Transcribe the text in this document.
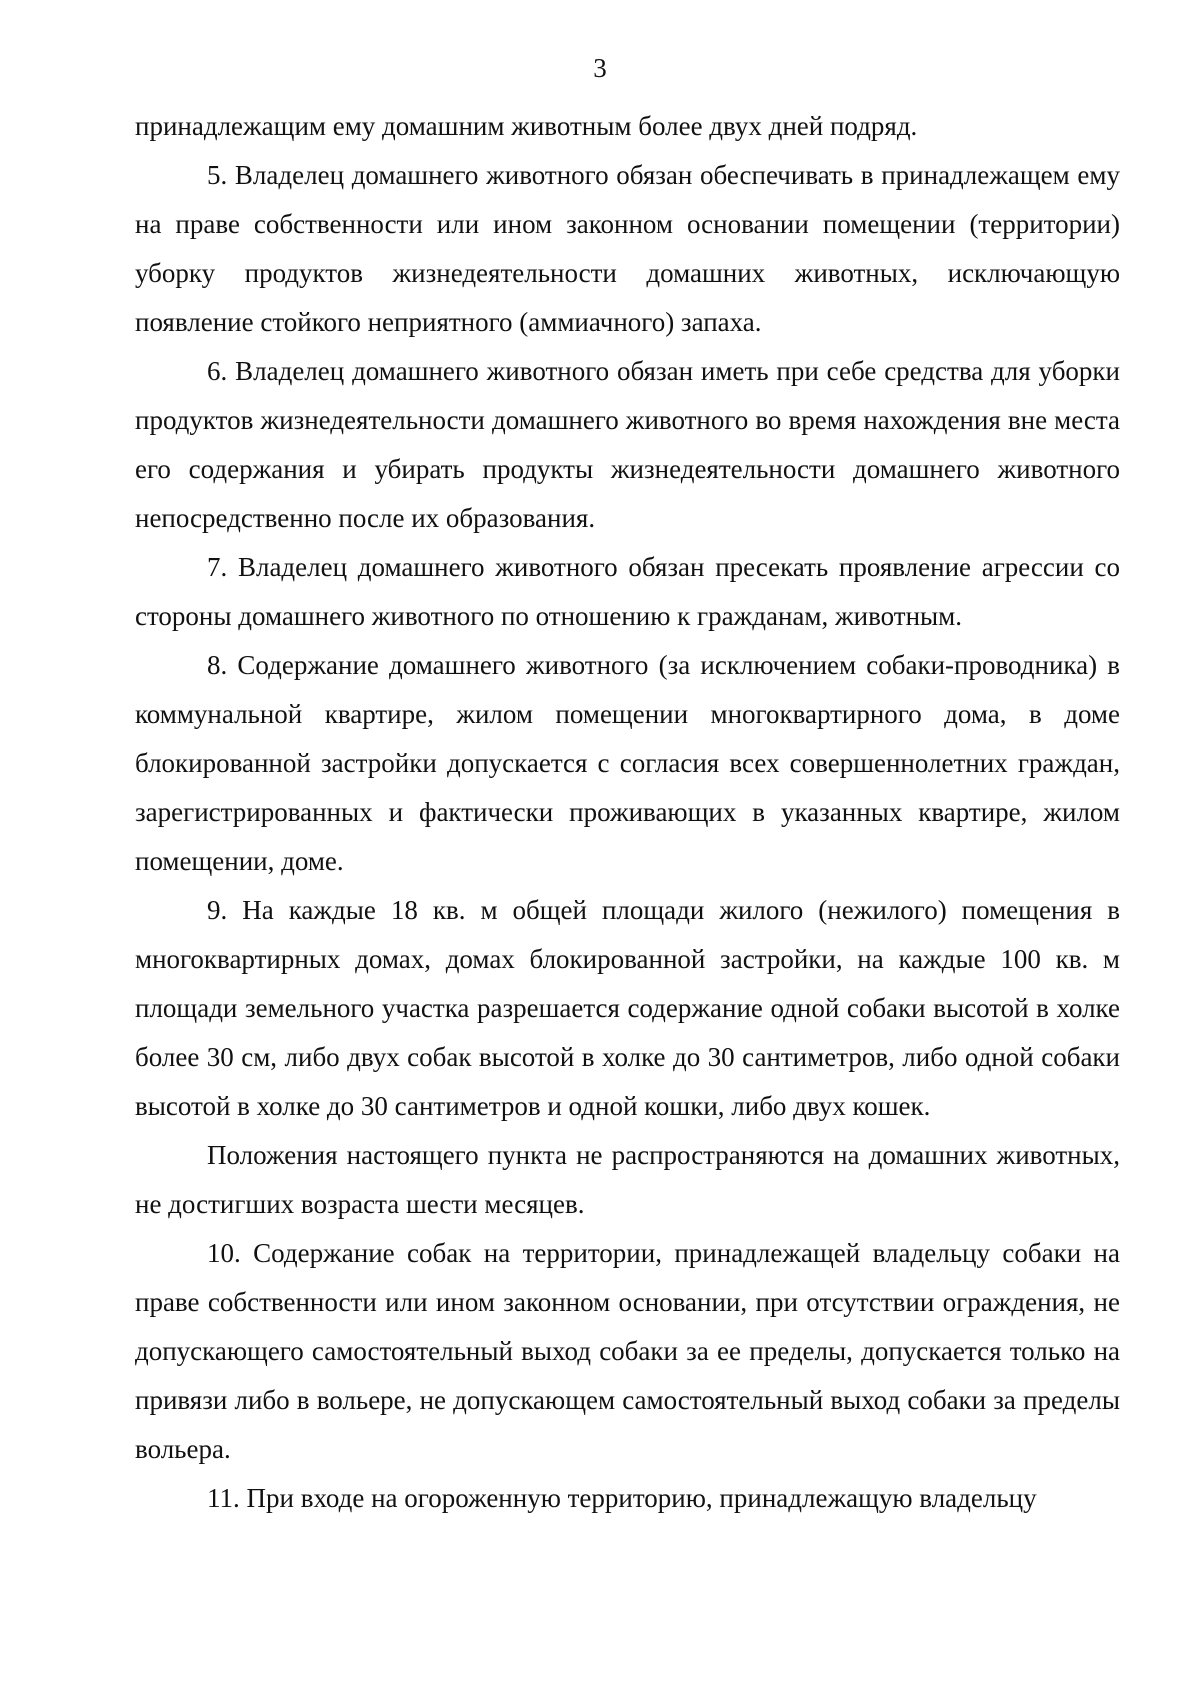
3

принадлежащим ему домашним животным более двух дней подряд.

5. Владелец домашнего животного обязан обеспечивать в принадлежащем ему на праве собственности или ином законном основании помещении (территории) уборку продуктов жизнедеятельности домашних животных, исключающую появление стойкого неприятного (аммиачного) запаха.

6. Владелец домашнего животного обязан иметь при себе средства для уборки продуктов жизнедеятельности домашнего животного во время нахождения вне места его содержания и убирать продукты жизнедеятельности домашнего животного непосредственно после их образования.

7. Владелец домашнего животного обязан пресекать проявление агрессии со стороны домашнего животного по отношению к гражданам, животным.

8. Содержание домашнего животного (за исключением собаки-проводника) в коммунальной квартире, жилом помещении многоквартирного дома, в доме блокированной застройки допускается с согласия всех совершеннолетних граждан, зарегистрированных и фактически проживающих в указанных квартире, жилом помещении, доме.

9. На каждые 18 кв. м общей площади жилого (нежилого) помещения в многоквартирных домах, домах блокированной застройки, на каждые 100 кв. м площади земельного участка разрешается содержание одной собаки высотой в холке более 30 см, либо двух собак высотой в холке до 30 сантиметров, либо одной собаки высотой в холке до 30 сантиметров и одной кошки, либо двух кошек.

Положения настоящего пункта не распространяются на домашних животных, не достигших возраста шести месяцев.

10. Содержание собак на территории, принадлежащей владельцу собаки на праве собственности или ином законном основании, при отсутствии ограждения, не допускающего самостоятельный выход собаки за ее пределы, допускается только на привязи либо в вольере, не допускающем самостоятельный выход собаки за пределы вольера.

11. При входе на огороженную территорию, принадлежащую владельцу
